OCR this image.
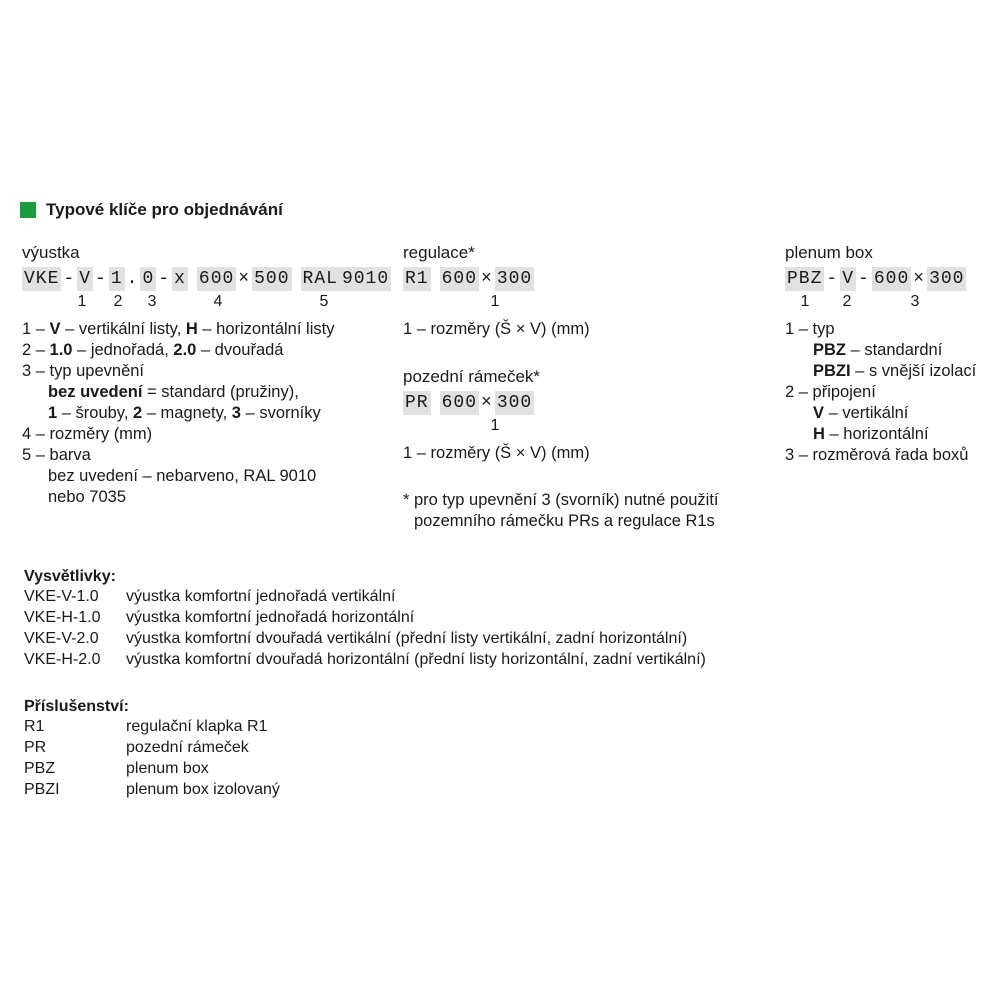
Typové klíče pro objednávání
výustka
VKE - V - 1 . 0 - x 600 × 500 RAL 9010
1 2 3	4	5
1 – V – vertikální listy, H – horizontální listy
2 – 1.0 – jednořadá, 2.0 – dvouřadá
3 – typ upevnění
bez uvedení = standard (pružiny),
1 – šrouby, 2 – magnety, 3 – svorníky
4 – rozměry (mm)
5 – barva
bez uvedení – nebarveno, RAL 9010
nebo 7035
regulace*
R1 600 × 300
1
1 – rozměry (Š × V) (mm)
pozední rámeček*
PR 600 × 300
1
1 – rozměry (Š × V) (mm)
* pro typ upevnění 3 (svorník) nutné použití
pozemního rámečku PRs a regulace R1s
plenum box
PBZ - V - 600 × 300
1 2	3
1 – typ
PBZ – standardní
PBZI – s vnější izolací
2 – připojení
V – vertikální
H – horizontální
3 – rozměrová řada boxů
Vysvětlivky:
VKE-V-1.0	výustka komfortní jednořadá vertikální
VKE-H-1.0	výustka komfortní jednořadá horizontální
VKE-V-2.0	výustka komfortní dvouřadá vertikální (přední listy vertikální, zadní horizontální)
VKE-H-2.0	výustka komfortní dvouřadá horizontální (přední listy horizontální, zadní vertikální)
Příslušenství:
R1	regulační klapka R1
PR	pozední rámeček
PBZ	plenum box
PBZI	plenum box izolovaný
